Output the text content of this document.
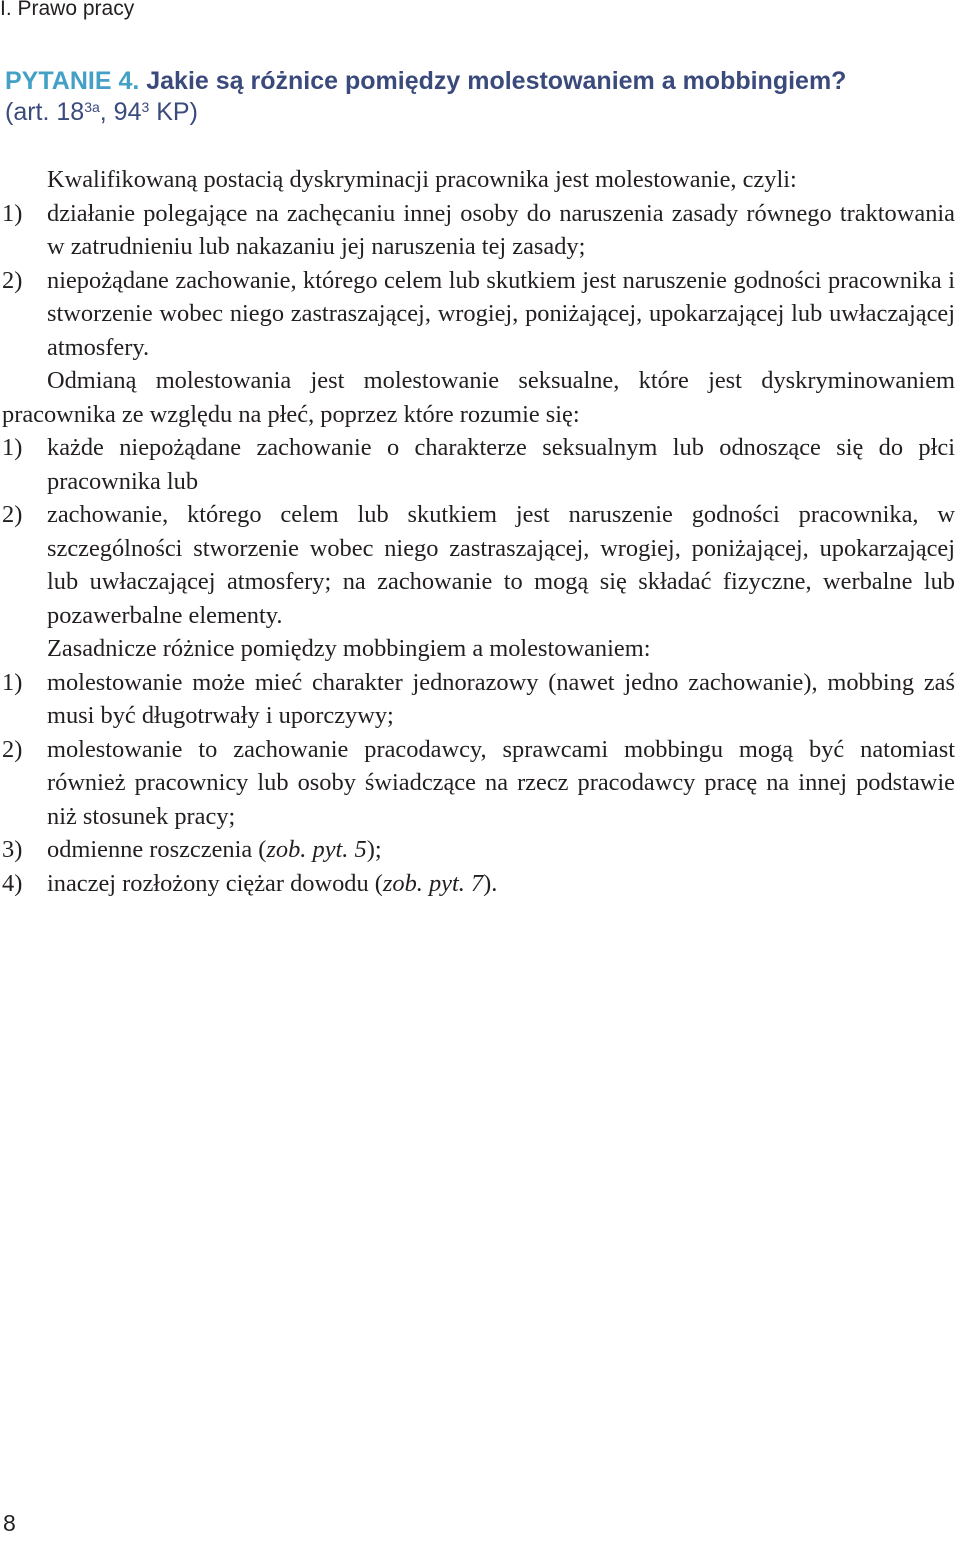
I. Prawo pracy
PYTANIE 4. Jakie są różnice pomiędzy molestowaniem a mobbingiem?
(art. $18^{3a}$, $94^3$ KP)

Kwalifikowaną postacią dyskryminacji pracownika jest molestowanie, czyli:

1) działanie polegające na zachęcaniu innej osoby do naruszenia zasady równego traktowania w zatrudnieniu lub nakazaniu jej naruszenia tej zasady;
2) niepożądane zachowanie, którego celem lub skutkiem jest naruszenie godności pracownika i stworzenie wobec niego zastraszającej, wrogiej, poniżającej, upokarzającej lub uwłaczającej atmosfery.

Odmianą molestowania jest molestowanie seksualne, które jest dyskryminowaniem pracownika ze względu na płeć, poprzez które rozumie się:

1) każde niepożądane zachowanie o charakterze seksualnym lub odnoszące się do płci pracownika lub
2) zachowanie, którego celem lub skutkiem jest naruszenie godności pracownika, w szczególności stworzenie wobec niego zastraszającej, wrogiej, poniżającej, upokarzającej lub uwłaczającej atmosfery; na zachowanie to mogą się składać fizyczne, werbalne lub pozawerbalne elementy.

Zasadnicze różnice pomiędzy mobbingiem a molestowaniem:

1) molestowanie może mieć charakter jednorazowy (nawet jedno zachowanie), mobbing zaś musi być długotrwały i uporczywy;
2) molestowanie to zachowanie pracodawcy, sprawcami mobbingu mogą być natomiast również pracownicy lub osoby świadczące na rzecz pracodawcy pracę na innej podstawie niż stosunek pracy;
3) odmienne roszczenia (zob. pyt. 5);
4) inaczej rozłożony ciężar dowodu (zob. pyt. 7).
8
